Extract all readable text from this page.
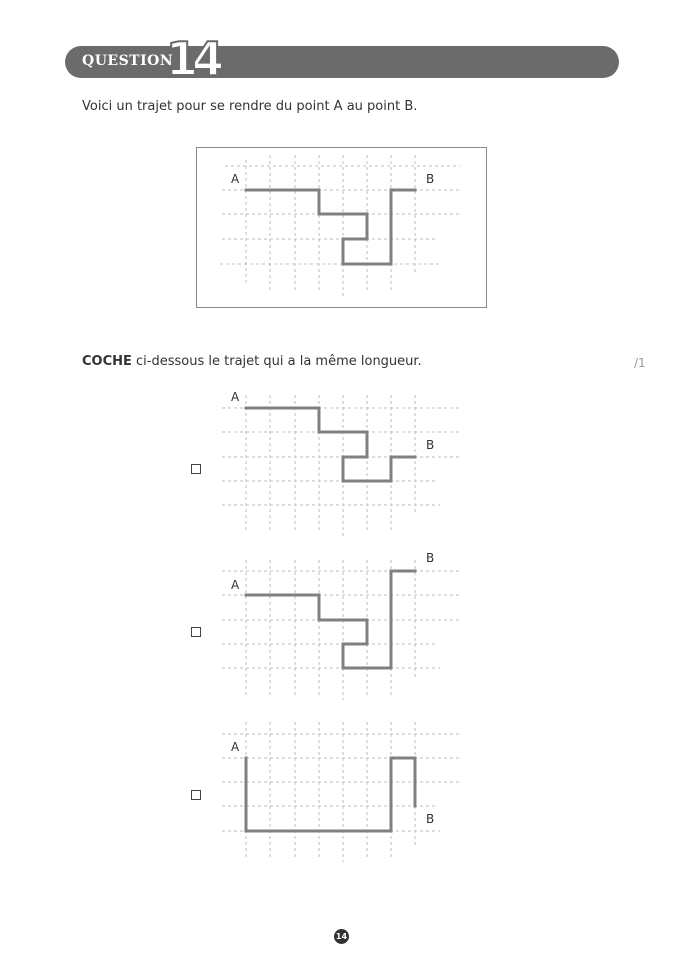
QUESTION
14
Voici un trajet pour se rendre du point A au point B.
COCHE ci-dessous le trajet qui a la même longueur.	/1
A	B
A
B
A
B
A
B
14
